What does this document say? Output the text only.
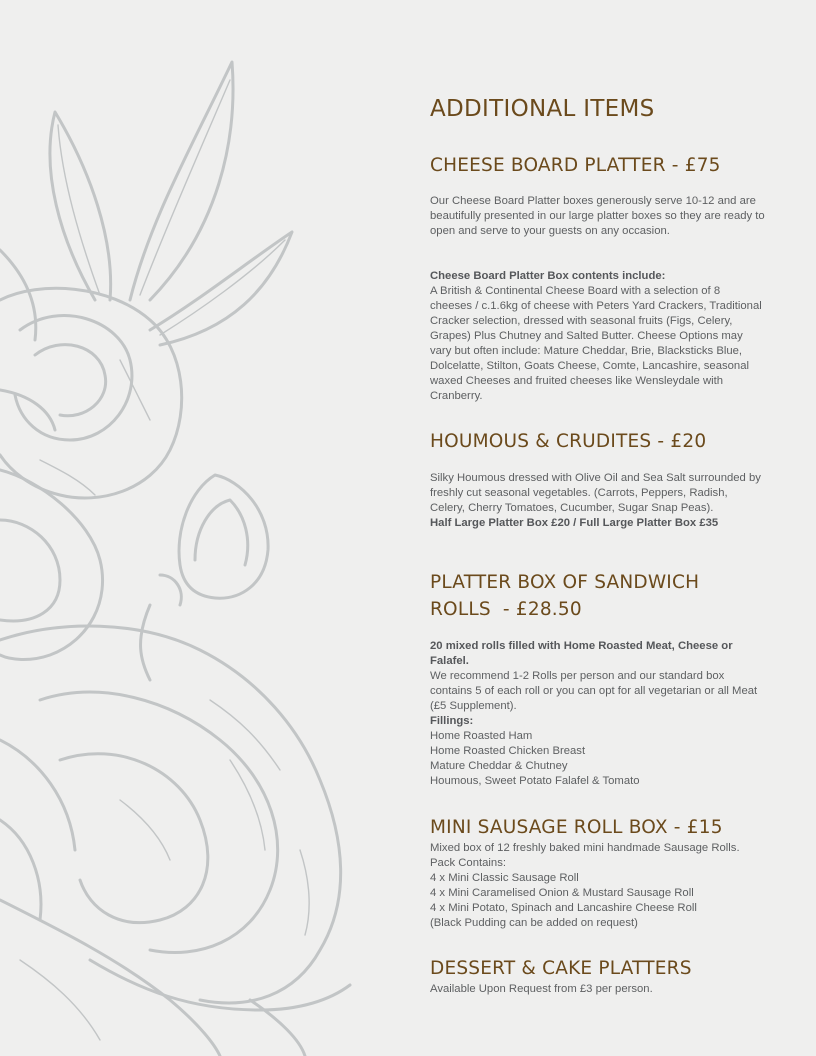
ADDITIONAL ITEMS
CHEESE BOARD PLATTER - £75
Our Cheese Board Platter boxes generously serve 10-12 and are beautifully presented in our large platter boxes so they are ready to open and serve to your guests on any occasion.
Cheese Board Platter Box contents include:
A British & Continental Cheese Board with a selection of 8 cheeses / c.1.6kg of cheese with Peters Yard Crackers, Traditional Cracker selection, dressed with seasonal fruits (Figs, Celery, Grapes) Plus Chutney and Salted Butter. Cheese Options may vary but often include: Mature Cheddar, Brie, Blacksticks Blue, Dolcelatte, Stilton, Goats Cheese, Comte, Lancashire, seasonal waxed Cheeses and fruited cheeses like Wensleydale with Cranberry.
HOUMOUS & CRUDITES - £20
Silky Houmous dressed with Olive Oil and Sea Salt surrounded by freshly cut seasonal vegetables. (Carrots, Peppers, Radish, Celery, Cherry Tomatoes, Cucumber, Sugar Snap Peas).
Half Large Platter Box £20 / Full Large Platter Box £35
PLATTER BOX OF SANDWICH
ROLLS  - £28.50
20 mixed rolls filled with Home Roasted Meat, Cheese or Falafel.
We recommend 1-2 Rolls per person and our standard box contains 5 of each roll or you can opt for all vegetarian or all Meat (£5 Supplement).
Fillings:
Home Roasted Ham
Home Roasted Chicken Breast
Mature Cheddar & Chutney
Houmous, Sweet Potato Falafel & Tomato
MINI SAUSAGE ROLL BOX - £15
Mixed box of 12 freshly baked mini handmade Sausage Rolls. Pack Contains:
4 x Mini Classic Sausage Roll
4 x Mini Caramelised Onion & Mustard Sausage Roll
4 x Mini Potato, Spinach and Lancashire Cheese Roll
(Black Pudding can be added on request)
DESSERT & CAKE PLATTERS
Available Upon Request from £3 per person.
